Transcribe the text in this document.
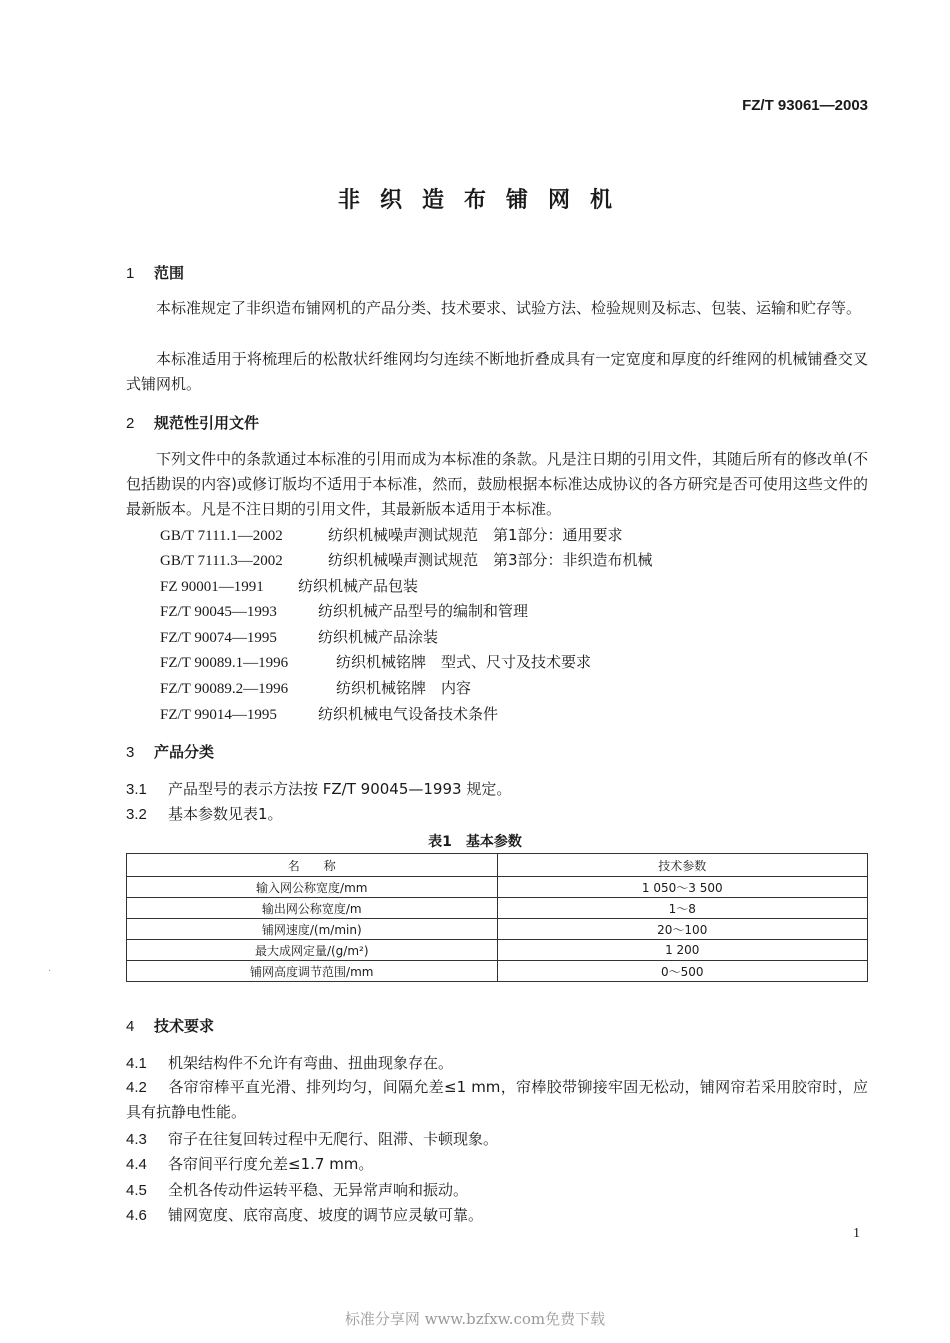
FZ/T 93061—2003
非织造布铺网机
1 范围
本标准规定了非织造布铺网机的产品分类、技术要求、试验方法、检验规则及标志、包装、运输和贮存等。
本标准适用于将梳理后的松散状纤维网均匀连续不断地折叠成具有一定宽度和厚度的纤维网的机械铺叠交叉式铺网机。
2 规范性引用文件
下列文件中的条款通过本标准的引用而成为本标准的条款。凡是注日期的引用文件，其随后所有的修改单(不包括勘误的内容)或修订版均不适用于本标准，然而，鼓励根据本标准达成协议的各方研究是否可使用这些文件的最新版本。凡是不注日期的引用文件，其最新版本适用于本标准。
GB/T 7111.1—2002	纺织机械噪声测试规范　第1部分：通用要求
GB/T 7111.3—2002	纺织机械噪声测试规范　第3部分：非织造布机械
FZ 90001—1991 纺织机械产品包装
FZ/T 90045—1993	纺织机械产品型号的编制和管理
FZ/T 90074—1995	纺织机械产品涂装
FZ/T 90089.1—1996	纺织机械铭牌　型式、尺寸及技术要求
FZ/T 90089.2—1996	纺织机械铭牌　内容
FZ/T 99014—1995	纺织机械电气设备技术条件
3 产品分类
3.1 产品型号的表示方法按 FZ/T 90045—1993 规定。
3.2 基本参数见表1。
表1　基本参数
名　　称	技术参数
输入网公称宽度/mm	1 050～3 500
输出网公称宽度/m	1～8
铺网速度/(m/min)	20～100
最大成网定量/(g/m²)	1 200
铺网高度调节范围/mm	0～500
4 技术要求
4.1 机架结构件不允许有弯曲、扭曲现象存在。
4.2 各帘帘棒平直光滑、排列均匀，间隔允差≤1 mm，帘棒胶带铆接牢固无松动，铺网帘若采用胶帘时，应具有抗静电性能。
4.3 帘子在往复回转过程中无爬行、阻滞、卡顿现象。
4.4 各帘间平行度允差≤1.7 mm。
4.5 全机各传动件运转平稳、无异常声响和振动。
4.6 铺网宽度、底帘高度、坡度的调节应灵敏可靠。
1
·
标准分享网 www.bzfxw.com免费下载
